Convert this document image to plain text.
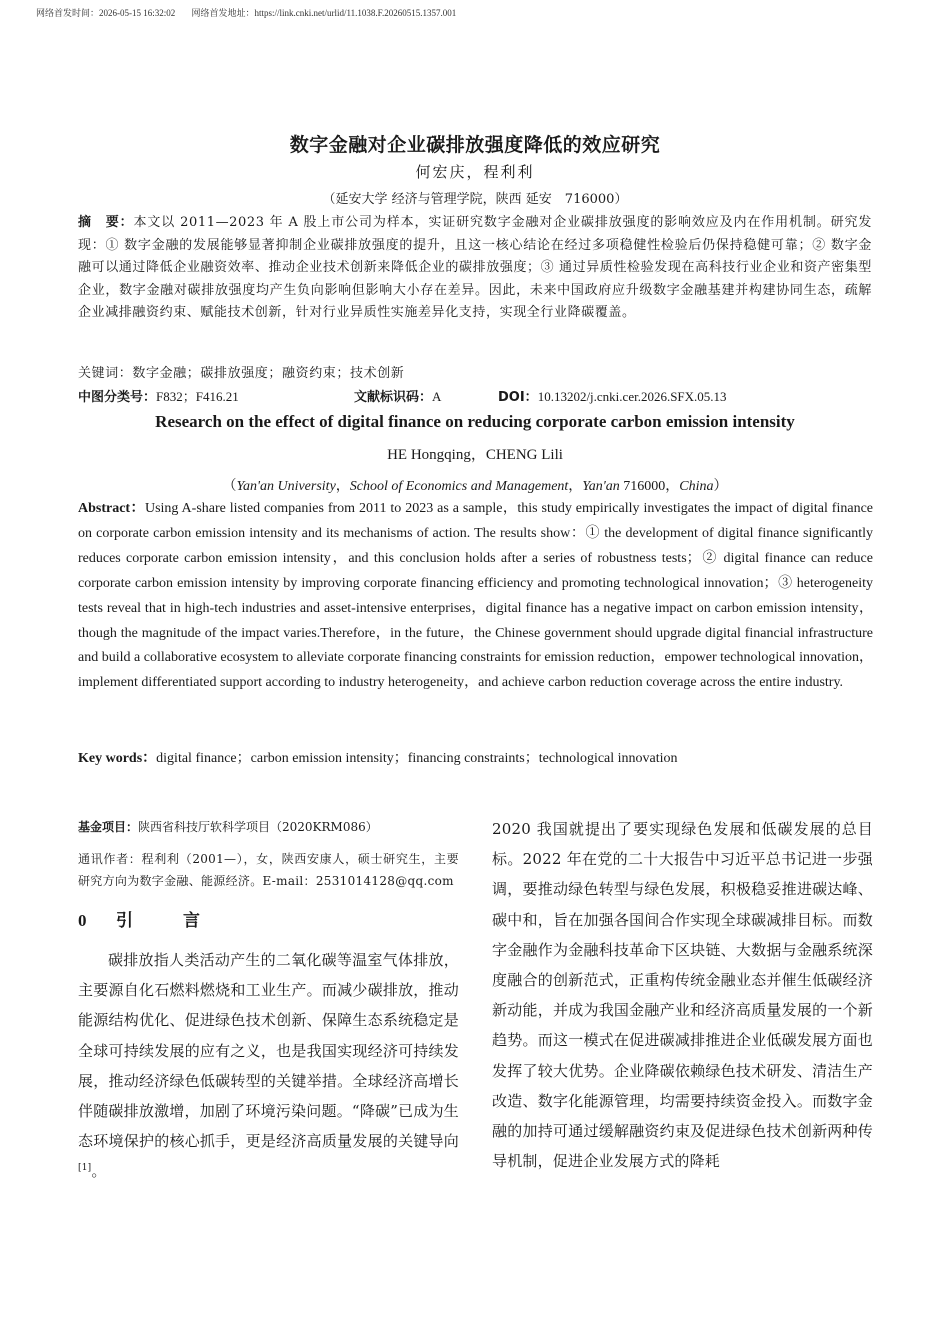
网络首发时间：2026-05-15 16:32:02 网络首发地址：https://link.cnki.net/urlid/11.1038.F.20260515.1357.001
数字金融对企业碳排放强度降低的效应研究
何宏庆，程利利
（延安大学 经济与管理学院，陕西 延安　716000）
摘　要：本文以 2011—2023 年 A 股上市公司为样本，实证研究数字金融对企业碳排放强度的影响效应及内在作用机制。研究发现：① 数字金融的发展能够显著抑制企业碳排放强度的提升，且这一核心结论在经过多项稳健性检验后仍保持稳健可靠；② 数字金融可以通过降低企业融资效率、推动企业技术创新来降低企业的碳排放强度；③ 通过异质性检验发现在高科技行业企业和资产密集型企业，数字金融对碳排放强度均产生负向影响但影响大小存在差异。因此，未来中国政府应升级数字金融基建并构建协同生态，疏解企业减排融资约束、赋能技术创新，针对行业异质性实施差异化支持，实现全行业降碳覆盖。
关键词：数字金融；碳排放强度；融资约束；技术创新
中图分类号：F832；F416.21	文献标识码：A	DOI：10.13202/j.cnki.cer.2026.SFX.05.13
Research on the effect of digital finance on reducing corporate carbon emission intensity
HE Hongqing，CHENG Lili
（Yan'an University，School of Economics and Management，Yan'an 716000，China）
Abstract：Using A-share listed companies from 2011 to 2023 as a sample，this study empirically investigates the impact of digital finance on corporate carbon emission intensity and its mechanisms of action. The results show：① the development of digital finance significantly reduces corporate carbon emission intensity，and this conclusion holds after a series of robustness tests；② digital finance can reduce corporate carbon emission intensity by improving corporate financing efficiency and promoting technological innovation；③ heterogeneity tests reveal that in high-tech industries and asset-intensive enterprises，digital finance has a negative impact on carbon emission intensity，though the magnitude of the impact varies.Therefore，in the future，the Chinese government should upgrade digital financial infrastructure and build a collaborative ecosystem to alleviate corporate financing constraints for emission reduction，empower technological innovation，implement differentiated support according to industry heterogeneity，and achieve carbon reduction coverage across the entire industry.
Key words：digital finance；carbon emission intensity；financing constraints；technological innovation
基金项目：陕西省科技厅软科学项目（2020KRM086）
通讯作者：程利利（2001—），女，陕西安康人，硕士研究生，主要研究方向为数字金融、能源经济。E-mail：2531014128@qq.com
0 引言
碳排放指人类活动产生的二氧化碳等温室气体排放，主要源自化石燃料燃烧和工业生产。而减少碳排放，推动能源结构优化、促进绿色技术创新、保障生态系统稳定是全球可持续发展的应有之义，也是我国实现经济可持续发展，推动经济绿色低碳转型的关键举措。全球经济高增长伴随碳排放激增，加剧了环境污染问题。“降碳”已成为生态环境保护的核心抓手，更是经济高质量发展的关键导向[1]。
2020 我国就提出了要实现绿色发展和低碳发展的总目标。2022 年在党的二十大报告中习近平总书记进一步强调，要推动绿色转型与绿色发展，积极稳妥推进碳达峰、碳中和，旨在加强各国间合作实现全球碳减排目标。而数字金融作为金融科技革命下区块链、大数据与金融系统深度融合的创新范式，正重构传统金融业态并催生低碳经济新动能，并成为我国金融产业和经济高质量发展的一个新趋势。而这一模式在促进碳减排推进企业低碳发展方面也发挥了较大优势。企业降碳依赖绿色技术研发、清洁生产改造、数字化能源管理，均需要持续资金投入。而数字金融的加持可通过缓解融资约束及促进绿色技术创新两种传导机制，促进企业发展方式的降耗
